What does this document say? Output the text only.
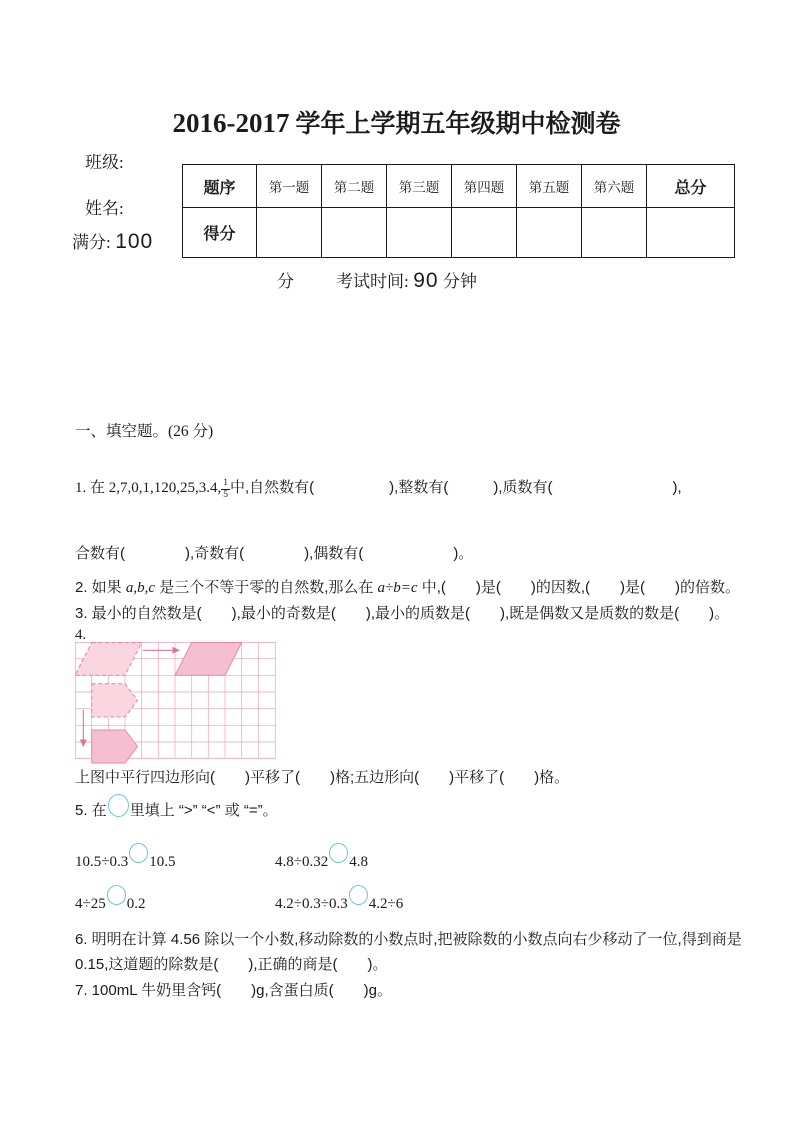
2016-2017 学年上学期五年级期中检测卷
班级:
姓名:
满分: 100
题序	第一题	第二题	第三题	第四题	第五题	第六题	总分
得分							
分 考试时间: 90 分钟
一、填空题。(26 分)
1. 在 2,7,0,1,120,25,3.4, $\frac{1}{5}$ 中,自然数有(　　　　　),整数有(　　　),质数有(　　　　　　　　),
合数有(　　　　),奇数有(　　　　),偶数有(　　　　　　)。
2. 如果 a,b,c 是三个不等于零的自然数,那么在 a÷b=c 中,(　　)是(　　)的因数,(　　)是(　　)的倍数。
3. 最小的自然数是(　　),最小的奇数是(　　),最小的质数是(　　),既是偶数又是质数的数是(　　)。
4.
上图中平行四边形向(　　)平移了(　　)格;五边形向(　　)平移了(　　)格。
5. 在 里填上 “>” “<” 或 “=”。
10.5÷0.3 10.5	4.8÷0.32 4.8
4÷25 0.2	4.2÷0.3÷0.3 4.2÷6
6. 明明在计算 4.56 除以一个小数,移动除数的小数点时,把被除数的小数点向右少移动了一位,得到商是
0.15,这道题的除数是(　　),正确的商是(　　)。
7. 100mL 牛奶里含钙(　　)g,含蛋白质(　　)g。
